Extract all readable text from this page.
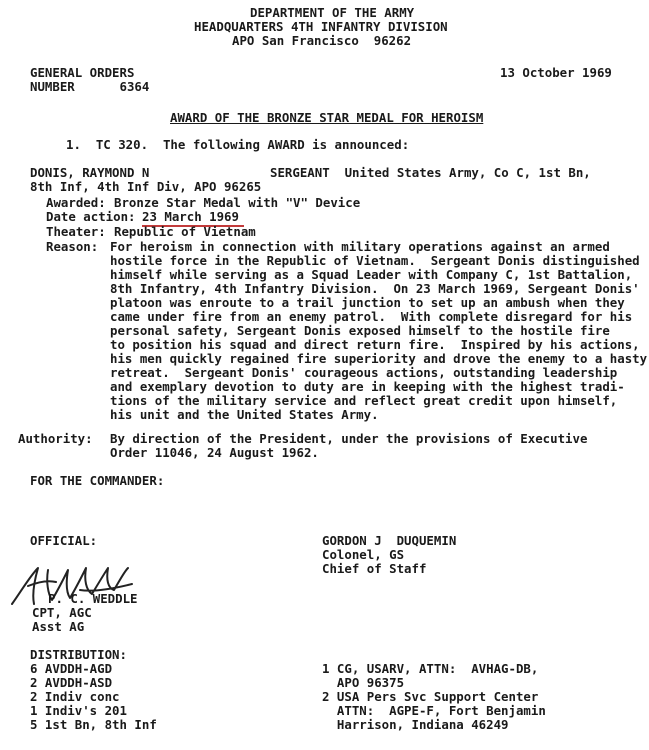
DEPARTMENT OF THE ARMY
HEADQUARTERS 4TH INFANTRY DIVISION
APO San Francisco  96262
GENERAL ORDERS
NUMBER      6364
13 October 1969
AWARD OF THE BRONZE STAR MEDAL FOR HEROISM
1.  TC 320.  The following AWARD is announced:
DONIS, RAYMOND N	SERGEANT  United States Army, Co C, 1st Bn,
8th Inf, 4th Inf Div, APO 96265
Awarded: Bronze Star Medal with "V" Device
Date action: 23 March 1969
Theater: Republic of Vietnam
Reason: For heroism in connection with military operations against an armed
hostile force in the Republic of Vietnam.  Sergeant Donis distinguished
himself while serving as a Squad Leader with Company C, 1st Battalion,
8th Infantry, 4th Infantry Division.  On 23 March 1969, Sergeant Donis'
platoon was enroute to a trail junction to set up an ambush when they
came under fire from an enemy patrol.  With complete disregard for his
personal safety, Sergeant Donis exposed himself to the hostile fire
to position his squad and direct return fire.  Inspired by his actions,
his men quickly regained fire superiority and drove the enemy to a hasty
retreat.  Sergeant Donis' courageous actions, outstanding leadership
and exemplary devotion to duty are in keeping with the highest tradi-
tions of the military service and reflect great credit upon himself,
his unit and the United States Army.
Authority: By direction of the President, under the provisions of Executive
Order 11046, 24 August 1962.
FOR THE COMMANDER:
OFFICIAL:
P. C. WEDDLE
CPT, AGC
Asst AG
GORDON J  DUQUEMIN
Colonel, GS
Chief of Staff
DISTRIBUTION:
6 AVDDH-AGD
2 AVDDH-ASD
2 Indiv conc
1 Indiv's 201
5 1st Bn, 8th Inf
1 CG, USARV, ATTN:  AVHAG-DB,
APO 96375
2 USA Pers Svc Support Center
ATTN:  AGPE-F, Fort Benjamin
Harrison, Indiana 46249
